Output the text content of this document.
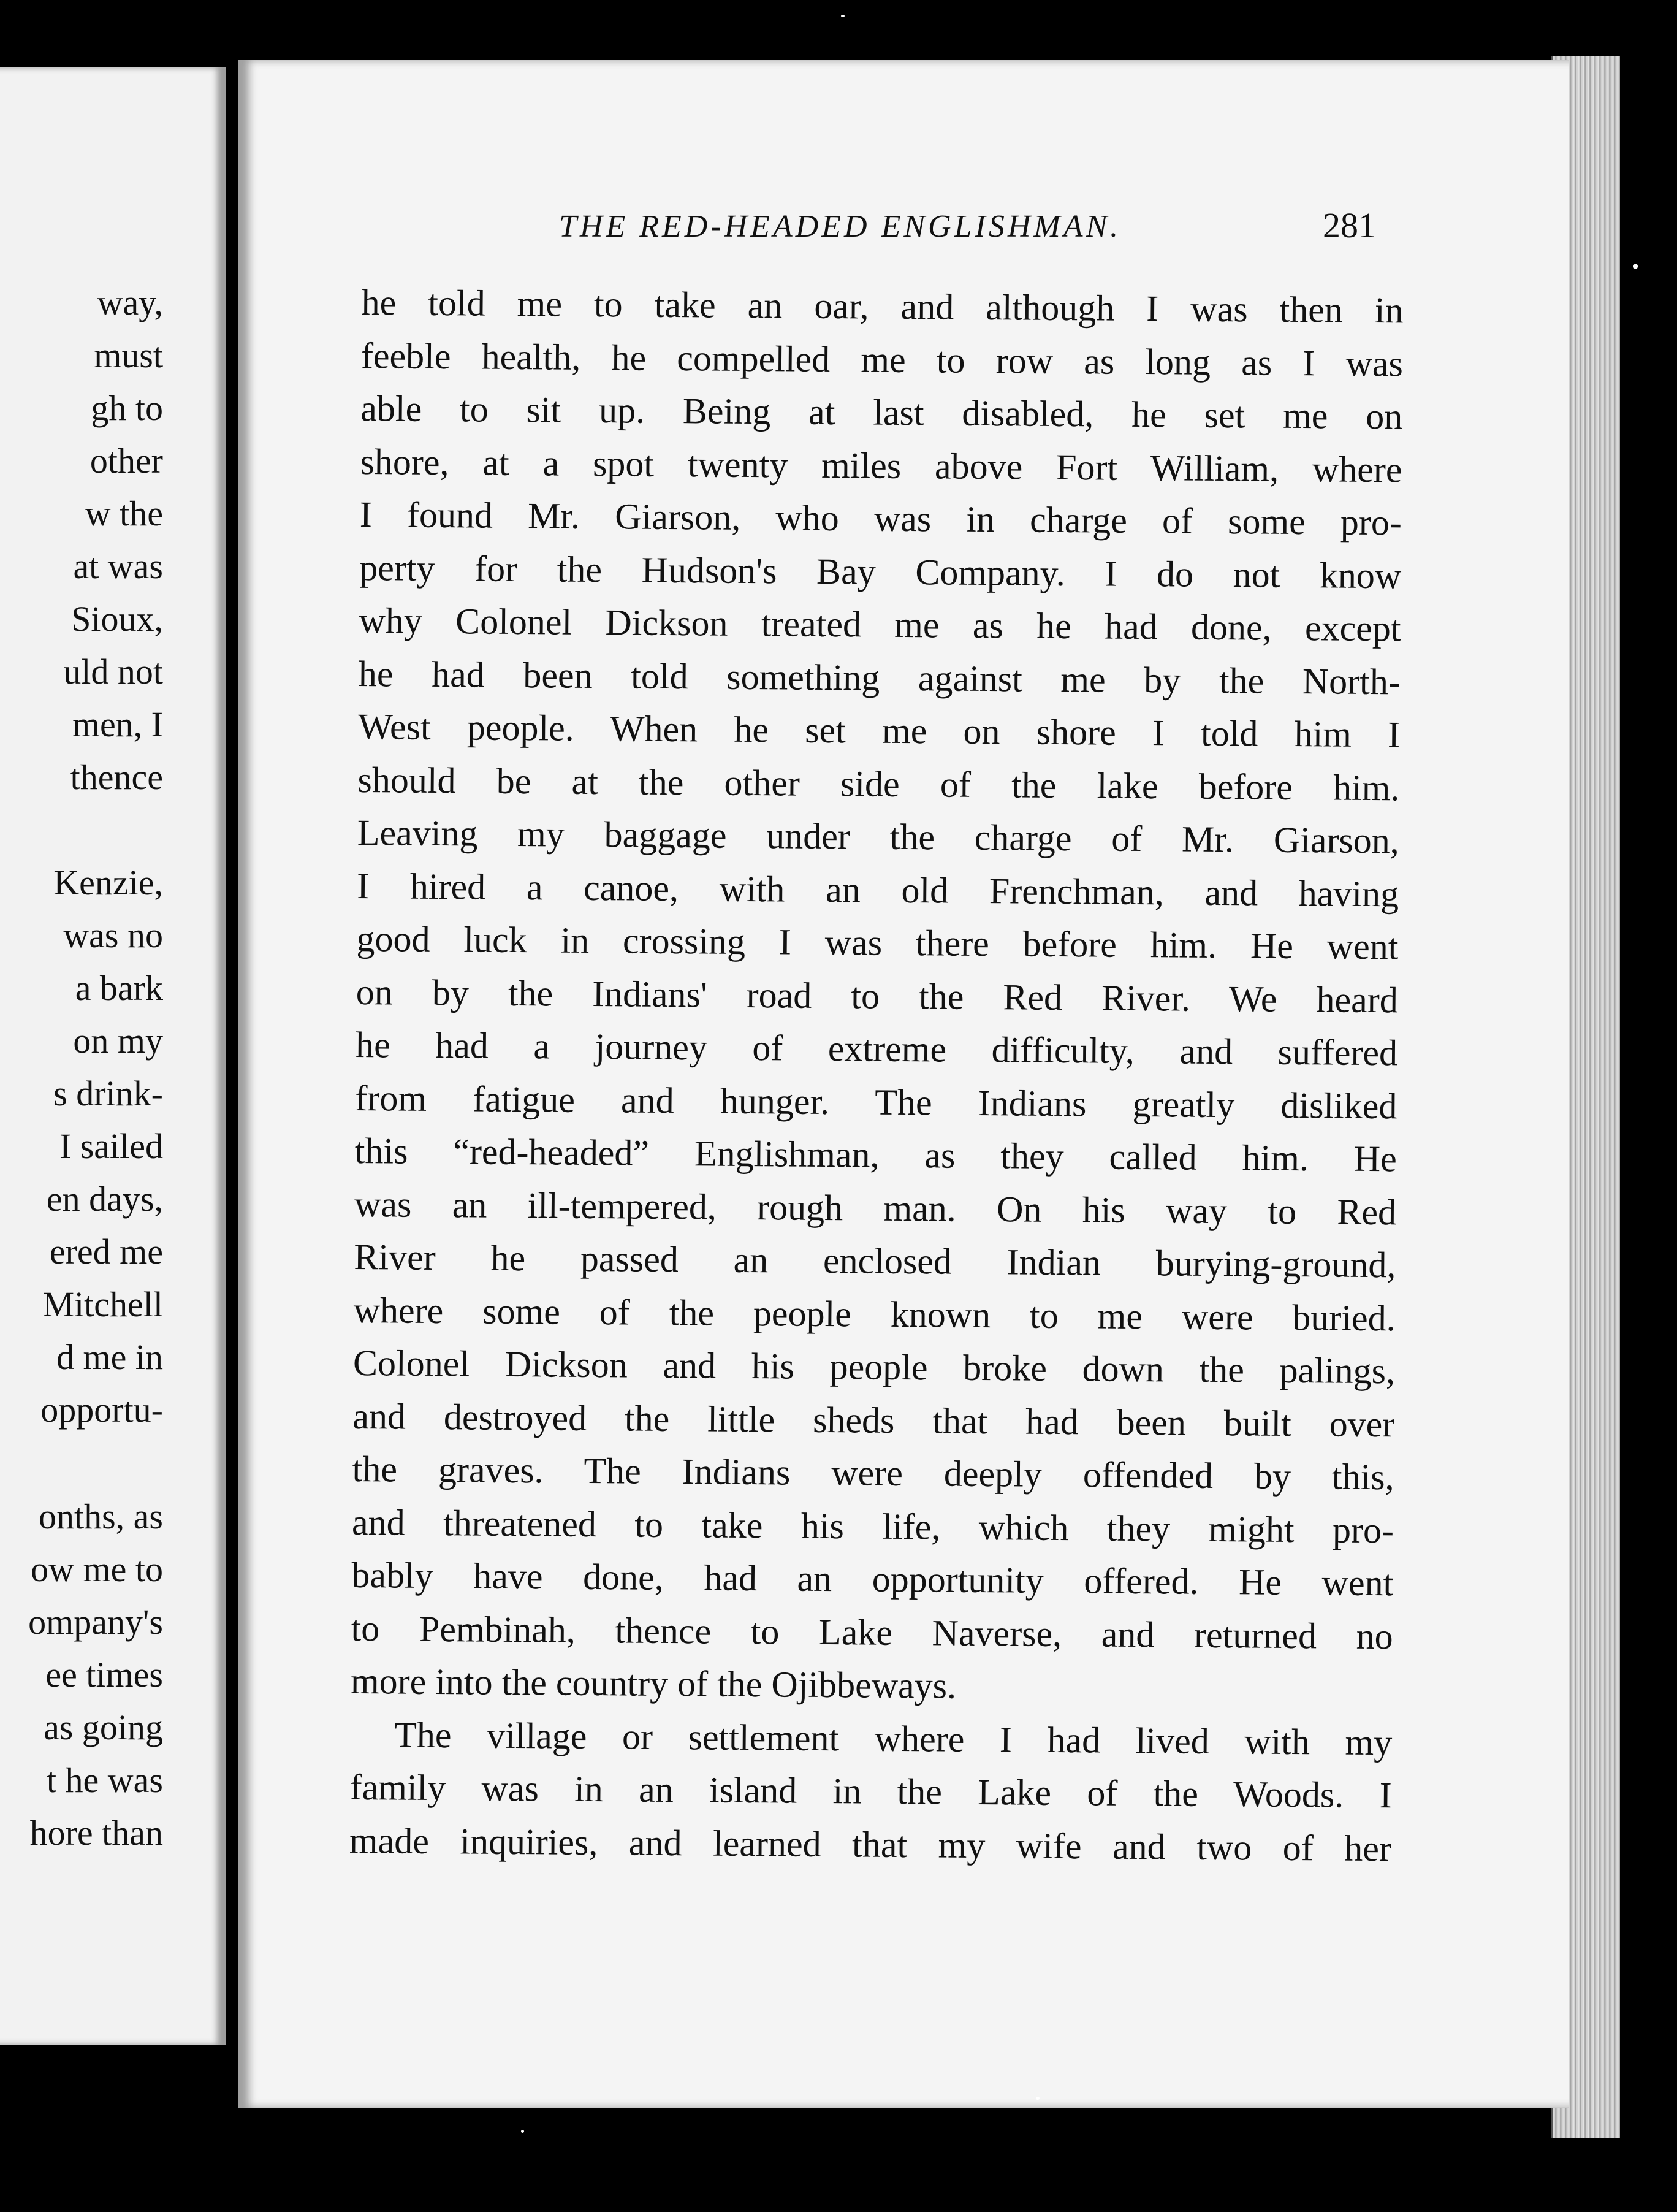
way,
must
gh to
other
w the
at was
Sioux,
uld not
men, I
thence
Kenzie,
was no
a bark
on my
s drink-
I sailed
en days,
ered me
Mitchell
d me in
opportu-
onths, as
ow me to
ompany's
ee times
as going
t he was
hore than
THE RED-HEADED ENGLISHMAN.	281
he told me to take an oar, and although I was then in
feeble health, he compelled me to row as long as I was
able to sit up. Being at last disabled, he set me on
shore, at a spot twenty miles above Fort William, where
I found Mr. Giarson, who was in charge of some pro-
perty for the Hudson's Bay Company. I do not know
why Colonel Dickson treated me as he had done, except
he had been told something against me by the North-
West people. When he set me on shore I told him I
should be at the other side of the lake before him.
Leaving my baggage under the charge of Mr. Giarson,
I hired a canoe, with an old Frenchman, and having
good luck in crossing I was there before him. He went
on by the Indians' road to the Red River. We heard
he had a journey of extreme difficulty, and suffered
from fatigue and hunger. The Indians greatly disliked
this “red-headed” Englishman, as they called him. He
was an ill-tempered, rough man. On his way to Red
River he passed an enclosed Indian burying-ground,
where some of the people known to me were buried.
Colonel Dickson and his people broke down the palings,
and destroyed the little sheds that had been built over
the graves. The Indians were deeply offended by this,
and threatened to take his life, which they might pro-
bably have done, had an opportunity offered. He went
to Pembinah, thence to Lake Naverse, and returned no
more into the country of the Ojibbeways.
The village or settlement where I had lived with my
family was in an island in the Lake of the Woods. I
made inquiries, and learned that my wife and two of her
